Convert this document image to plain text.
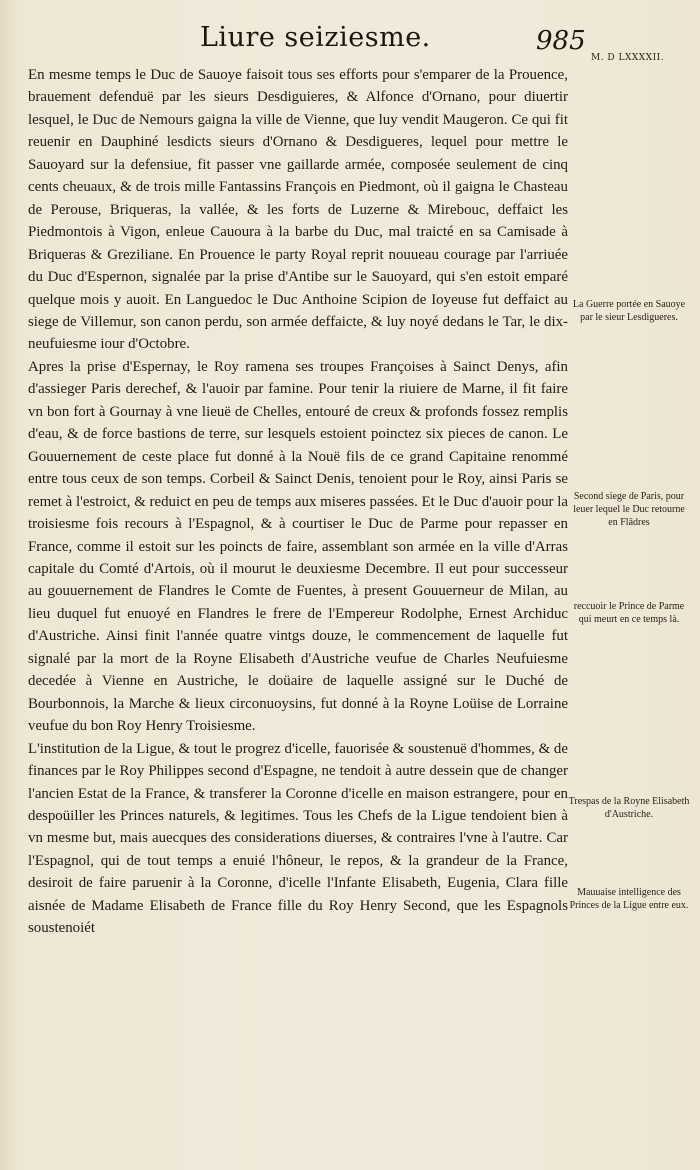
Liure seiziesme.	985
M. D LXXXXII.

En mesme temps le Duc de Sauoye faisoit tous ses efforts pour s'emparer de la Prouence, brauement defenduë par les sieurs Desdiguieres, & Alfonce d'Ornano, pour diuertir lesquel, le Duc de Nemours gaigna la ville de Vienne, que luy vendit Maugeron. Ce qui fit reuenir en Dauphiné lesdicts sieurs d'Ornano & Desdigueres, lequel pour mettre le Sauoyard sur la defensiue, fit passer vne gaillarde armée, composée seulement de cinq cents cheuaux, & de trois mille Fantassins François en Piedmont, où il gaigna le Chasteau de Perouse, Briqueras, la vallée, & les forts de Luzerne & Mirebouc, deffaict les Piedmontois à Vigon, enleue Cauoura à la barbe du Duc, mal traicté en sa Camisade à Briqueras & Greziliane. En Prouence le party Royal reprit nouueau courage par l'arriuée du Duc d'Espernon, signalée par la prise d'Antibe sur le Sauoyard, qui s'en estoit emparé quelque mois y auoit. En Languedoc le Duc Anthoine Scipion de Ioyeuse fut deffaict au siege de Villemur, son canon perdu, son armée deffaicte, & luy noyé dedans le Tar, le dix-neufuiesme iour d'Octobre.

Apres la prise d'Espernay, le Roy ramena ses troupes Françoises à Sainct Denys, afin d'assieger Paris derechef, & l'auoir par famine. Pour tenir la riuiere de Marne, il fit faire vn bon fort à Gournay à vne lieuë de Chelles, entouré de creux & profonds fossez remplis d'eau, & de force bastions de terre, sur lesquels estoient poinctez six pieces de canon. Le Gouuernement de ceste place fut donné à la Nouë fils de ce grand Capitaine renommé entre tous ceux de son temps. Corbeil & Sainct Denis, tenoient pour le Roy, ainsi Paris se remet à l'estroict, & reduict en peu de temps aux miseres passées. Et le Duc d'auoir pour la troisiesme fois recours à l'Espagnol, & à courtiser le Duc de Parme pour repasser en France, comme il estoit sur les poincts de faire, assemblant son armée en la ville d'Arras capitale du Comté d'Artois, où il mourut le deuxiesme Decembre. Il eut pour successeur au gouuernement de Flandres le Comte de Fuentes, à present Gouuerneur de Milan, au lieu duquel fut enuoyé en Flandres le frere de l'Empereur Rodolphe, Ernest Archiduc d'Austriche. Ainsi finit l'année quatre vintgs douze, le commencement de laquelle fut signalé par la mort de la Royne Elisabeth d'Austriche veufue de Charles Neufuiesme decedée à Vienne en Austriche, le doüaire de laquelle assigné sur le Duché de Bourbonnois, la Marche & lieux circonuoysins, fut donné à la Royne Loüise de Lorraine veufue du bon Roy Henry Troisiesme.

L'institution de la Ligue, & tout le progrez d'icelle, fauorisée & soustenuë d'hommes, & de finances par le Roy Philippes second d'Espagne, ne tendoit à autre dessein que de changer l'ancien Estat de la France, & transferer la Coronne d'icelle en maison estrangere, pour en despoüiller les Princes naturels, & legitimes. Tous les Chefs de la Ligue tendoient bien à vn mesme but, mais auecques des considerations diuerses, & contraires l'vne à l'autre. Car l'Espagnol, qui de tout temps a enuié l'hôneur, le repos, & la grandeur de la France, desiroit de faire paruenir à la Coronne, d'icelle l'Infante Elisabeth, Eugenia, Clara fille aisnée de Madame Elisabeth de France fille du Roy Henry Second, que les Espagnols soustenoiét

La Guerre portée en Sauoye par le sieur Lesdigueres.
Second siege de Paris, pour leuer lequel le Duc retourne en Flādres
reccuoir le Prince de Parme qui meurt en ce temps là.
Trespas de la Royne Elisabeth d'Austriche.
Mauuaise intelligence des Princes de la Ligue entre eux.
